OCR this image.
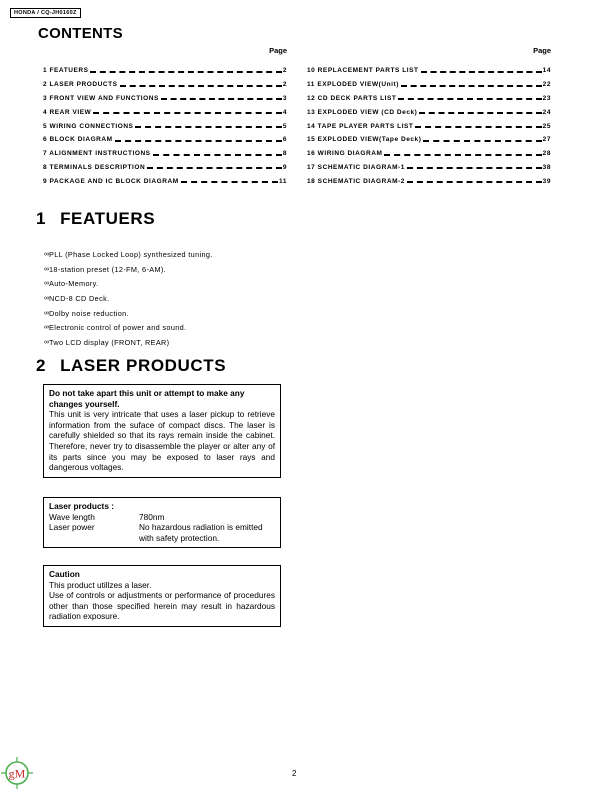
HONDA / CQ-JH0160Z
CONTENTS
Page
1 FEATUERS	2
2 LASER PRODUCTS	2
3 FRONT VIEW AND FUNCTIONS	3
4 REAR VIEW	4
5 WIRING CONNECTIONS	5
6 BLOCK DIAGRAM	6
7 ALIGNMENT INSTRUCTIONS	8
8 TERMINALS DESCRIPTION	9
9 PACKAGE AND IC BLOCK DIAGRAM	11
Page
10 REPLACEMENT PARTS LIST	14
11 EXPLODED VIEW(Unit)	22
12 CD DECK PARTS LIST	23
13 EXPLODED VIEW (CD Deck)	24
14 TAPE PLAYER PARTS LIST	25
15 EXPLODED VIEW(Tape Deck)	27
16 WIRING DIAGRAM	28
17 SCHEMATIC DIAGRAM-1	38
18 SCHEMATIC DIAGRAM-2	39
1 FEATUERS
∞ PLL (Phase Locked Loop) synthesized tuning.
∞ 18-station preset (12-FM, 6-AM).
∞ Auto-Memory.
∞ NCD-8 CD Deck.
∞ Dolby noise reduction.
∞ Electronic control of power and sound.
∞ Two LCD display (FRONT, REAR)
2 LASER PRODUCTS
Do not take apart this unit or attempt to make any changes yourself.

This unit is very intricate that uses a laser pickup to retrieve information from the suface of compact discs. The laser is carefully shielded so that its rays remain inside the cabinet. Therefore, never try to disassemble the player or alter any of its parts since you may be exposed to laser rays and dangerous voltages.

Laser products :
Wave length	780nm
Laser power	No hazardous radiation is emitted with safety protection.
Caution
This product utillzes a laser.

Use of controls or adjustments or performance of procedures other than those specified herein may result in hazardous radiation exposure.

2
gM
